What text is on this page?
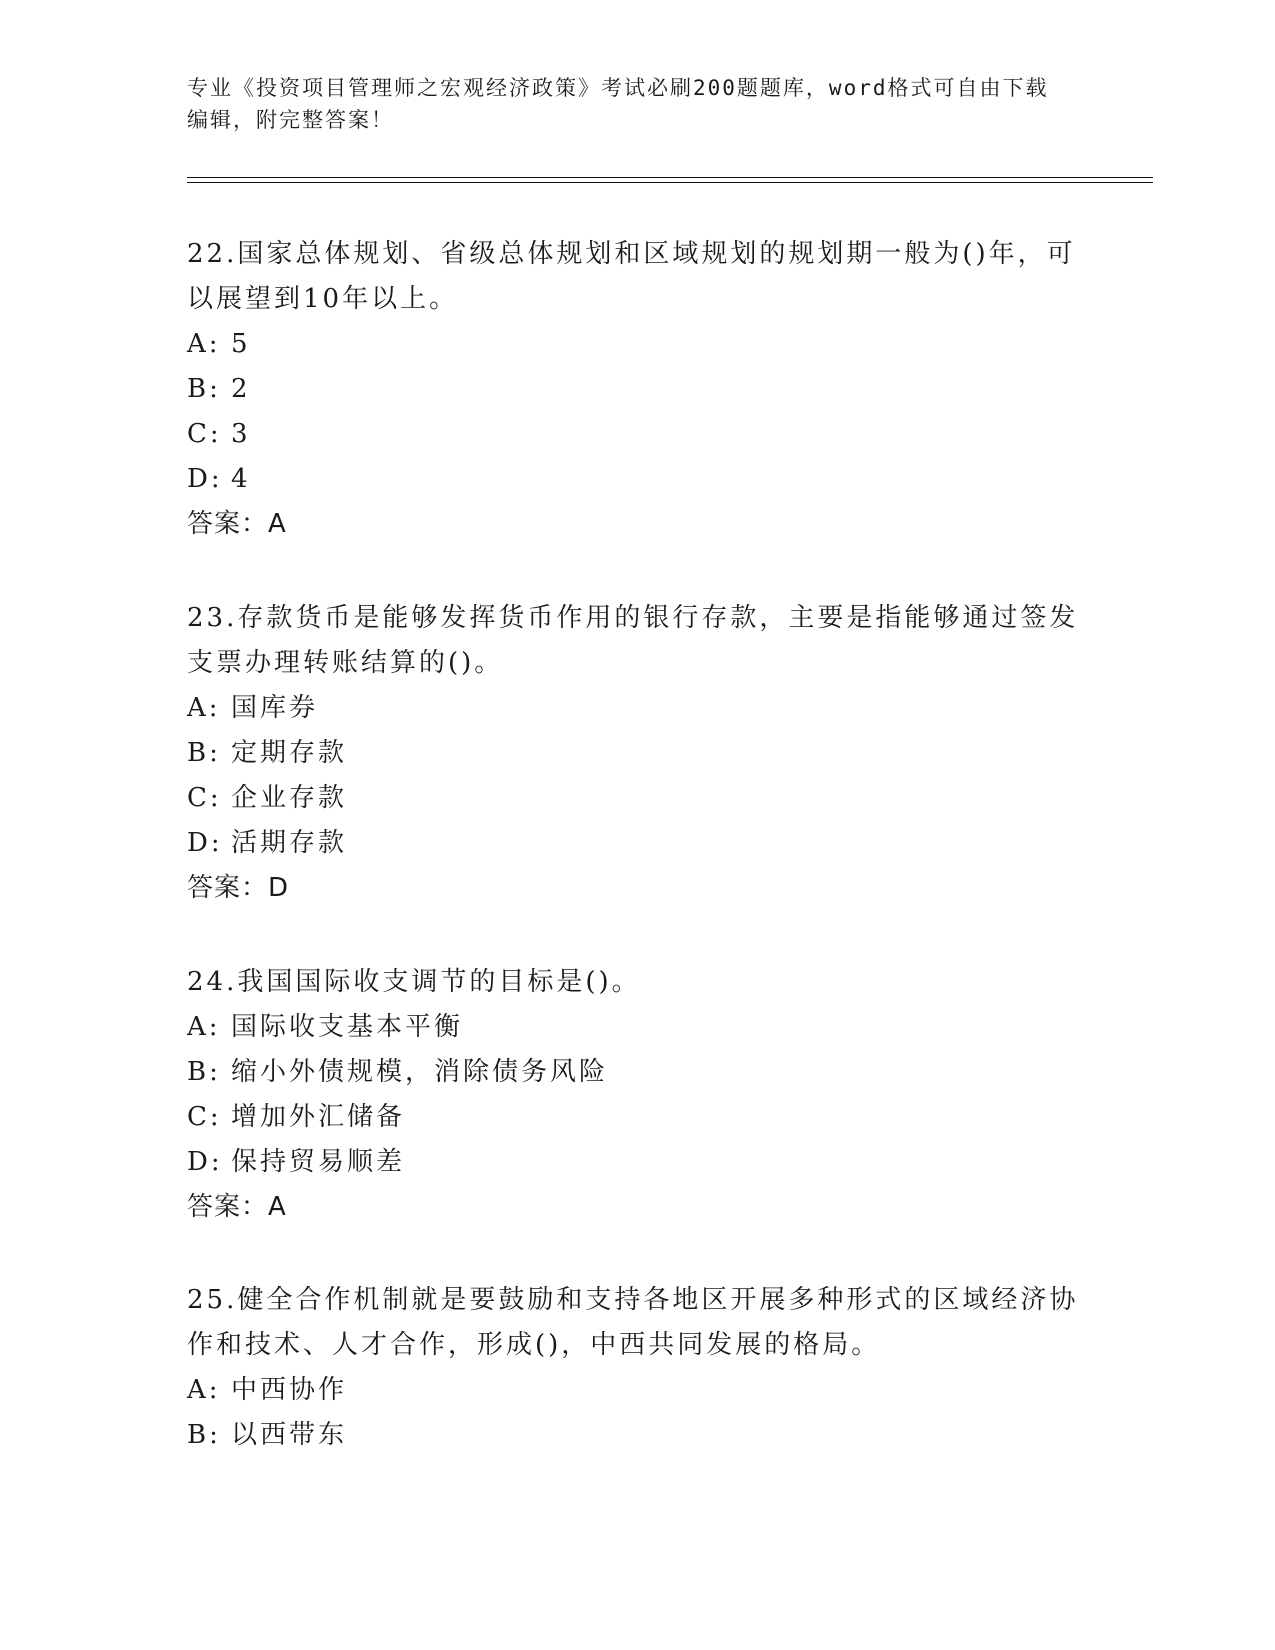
专业《投资项目管理师之宏观经济政策》考试必刷200题题库，word格式可自由下载编辑，附完整答案！

22.国家总体规划、省级总体规划和区域规划的规划期一般为()年，可以展望到10年以上。

A: 5

B: 2

C: 3

D: 4

答案：A

23.存款货币是能够发挥货币作用的银行存款，主要是指能够通过签发支票办理转账结算的()。

A: 国库券

B: 定期存款

C: 企业存款

D: 活期存款

答案：D

24.我国国际收支调节的目标是()。

A: 国际收支基本平衡

B: 缩小外债规模，消除债务风险

C: 增加外汇储备

D: 保持贸易顺差

答案：A

25.健全合作机制就是要鼓励和支持各地区开展多种形式的区域经济协作和技术、人才合作，形成()，中西共同发展的格局。

A: 中西协作

B: 以西带东
